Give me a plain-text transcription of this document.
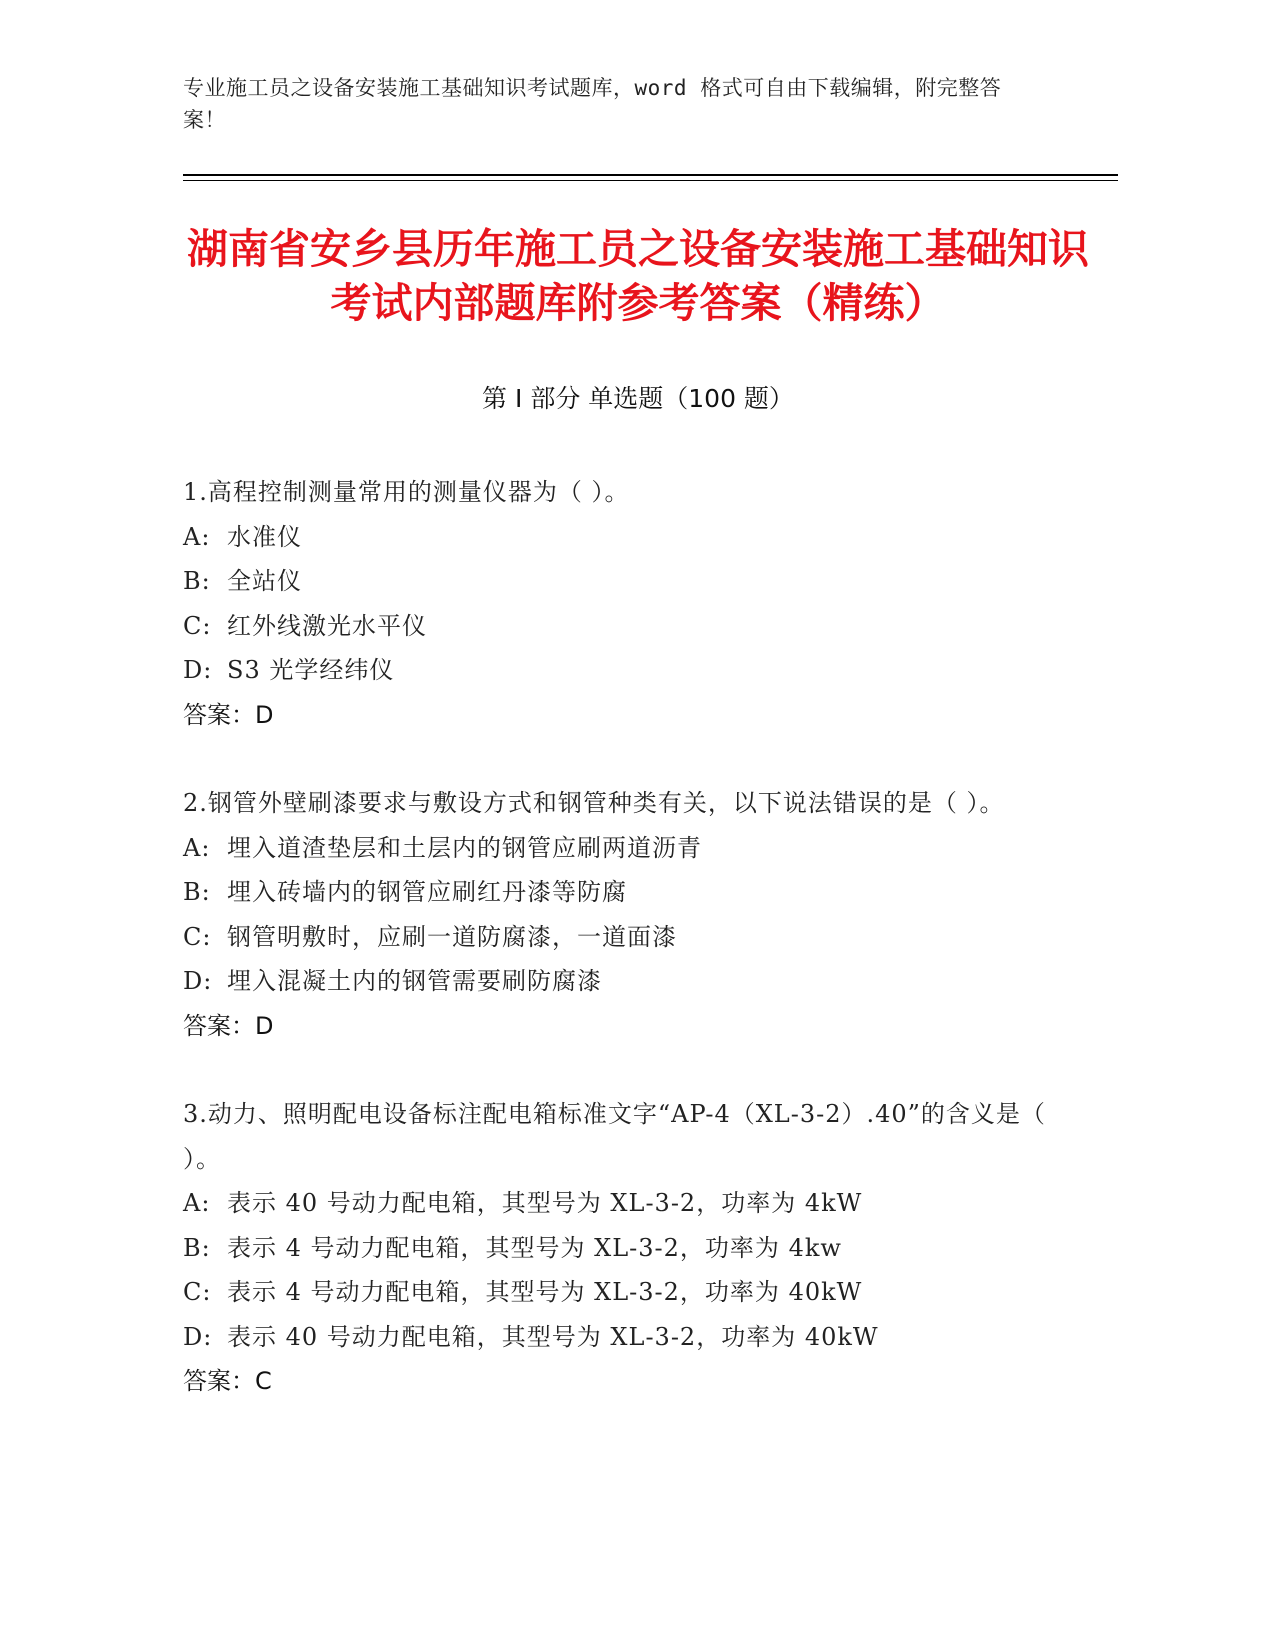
专业施工员之设备安装施工基础知识考试题库，word 格式可自由下载编辑，附完整答案！
湖南省安乡县历年施工员之设备安装施工基础知识考试内部题库附参考答案（精练）
第 I 部分 单选题（100 题）
1.高程控制测量常用的测量仪器为（ ）。
A: 水准仪
B: 全站仪
C: 红外线激光水平仪
D: S3 光学经纬仪
答案：D
2.钢管外壁刷漆要求与敷设方式和钢管种类有关，以下说法错误的是（ ）。
A: 埋入道渣垫层和土层内的钢管应刷两道沥青
B: 埋入砖墙内的钢管应刷红丹漆等防腐
C: 钢管明敷时，应刷一道防腐漆，一道面漆
D: 埋入混凝土内的钢管需要刷防腐漆
答案：D
3.动力、照明配电设备标注配电箱标准文字“AP-4（XL-3-2）.40”的含义是（ ）。
A: 表示 40 号动力配电箱，其型号为 XL-3-2，功率为 4kW
B: 表示 4 号动力配电箱，其型号为 XL-3-2，功率为 4kw
C: 表示 4 号动力配电箱，其型号为 XL-3-2，功率为 40kW
D: 表示 40 号动力配电箱，其型号为 XL-3-2，功率为 40kW
答案：C
